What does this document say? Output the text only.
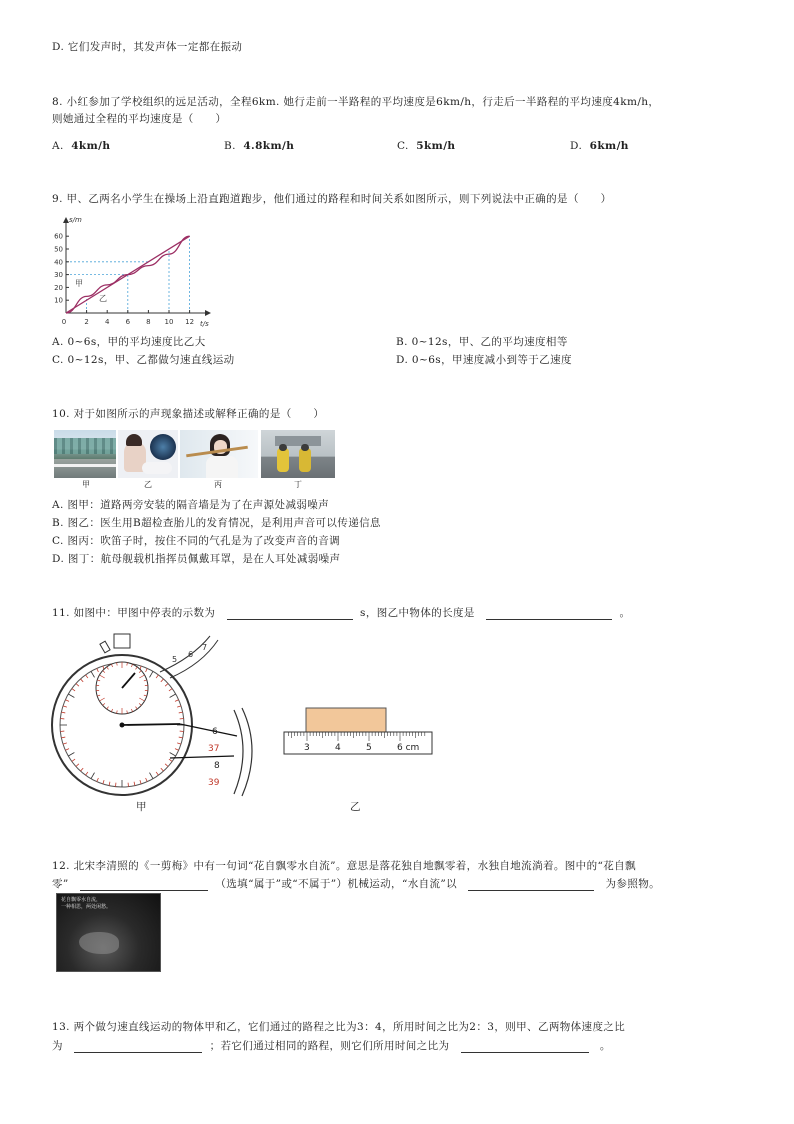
D. 它们发声时，其发声体一定都在振动
8. 小红参加了学校组织的远足活动，全程6km. 她行走前一半路程的平均速度是6km/h，行走后一半路程的平均速度4km/h，
则她通过全程的平均速度是（　　）
A. 4km/h	B. 4.8km/h	C. 5km/h	D. 6km/h
9. 甲、乙两名小学生在操场上沿直跑道跑步，他们通过的路程和时间关系如图所示，则下列说法中正确的是（　　）
s/m
t/s
0	2 4 6 8 10 12
10
20
30
40
50
60
甲
乙
A. 0~6s，甲的平均速度比乙大	B. 0~12s，甲、乙的平均速度相等
C. 0~12s，甲、乙都做匀速直线运动	D. 0~6s，甲速度减小到等于乙速度
10. 对于如图所示的声现象描述或解释正确的是（　　）
甲	乙	丙	丁
A. 图甲：道路两旁安装的隔音墙是为了在声源处减弱噪声
B. 图乙：医生用B超检查胎儿的发育情况，是利用声音可以传递信息
C. 图丙：吹笛子时，按住不同的气孔是为了改变声音的音调
D. 图丁：航母舰载机指挥员佩戴耳罩，是在人耳处减弱噪声
11. 如图中：甲图中停表的示数为	s，图乙中物体的长度是	。
5
6
7
6
37
8
39
3	4	5	6 cm
甲	乙
12. 北宋李清照的《一剪梅》中有一句词“花自飘零水自流”。意思是落花独自地飘零着，水独自地流淌着。图中的“花自飘
零”	（选填“属于”或“不属于”）机械运动，“水自流”以	为参照物。
花自飘零水自流，
一种相思，两处闲愁。
13. 两个做匀速直线运动的物体甲和乙，它们通过的路程之比为3：4，所用时间之比为2：3，则甲、乙两物体速度之比
为	；若它们通过相同的路程，则它们所用时间之比为	。
